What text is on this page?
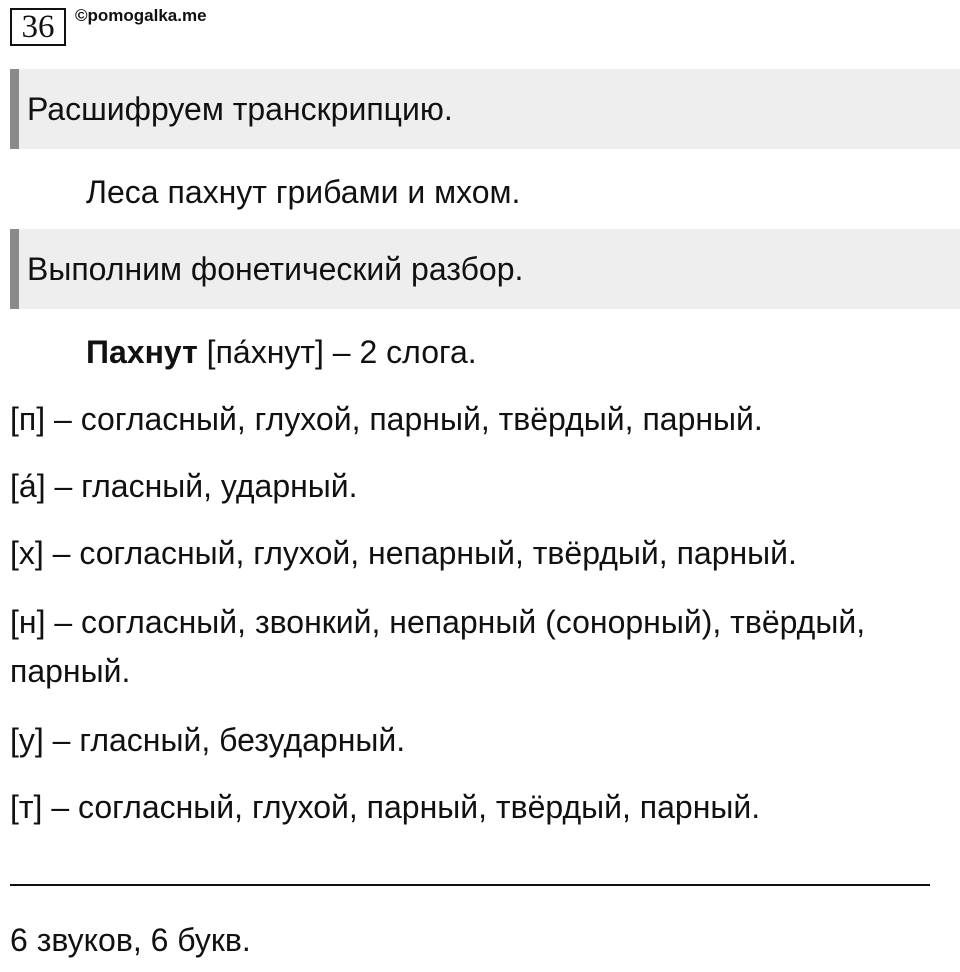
36	©pomogalka.me
Расшифруем транскрипцию.
Леса пахнут грибами и мхом.
Выполним фонетический разбор.
Пахнут [па́хнут] – 2 слога.
[п] – согласный, глухой, парный, твёрдый, парный.
[а́] – гласный, ударный.
[х] – согласный, глухой, непарный, твёрдый, парный.
[н] – согласный, звонкий, непарный (сонорный), твёрдый,
парный.
[у] – гласный, безударный.
[т] – согласный, глухой, парный, твёрдый, парный.
6 звуков, 6 букв.
